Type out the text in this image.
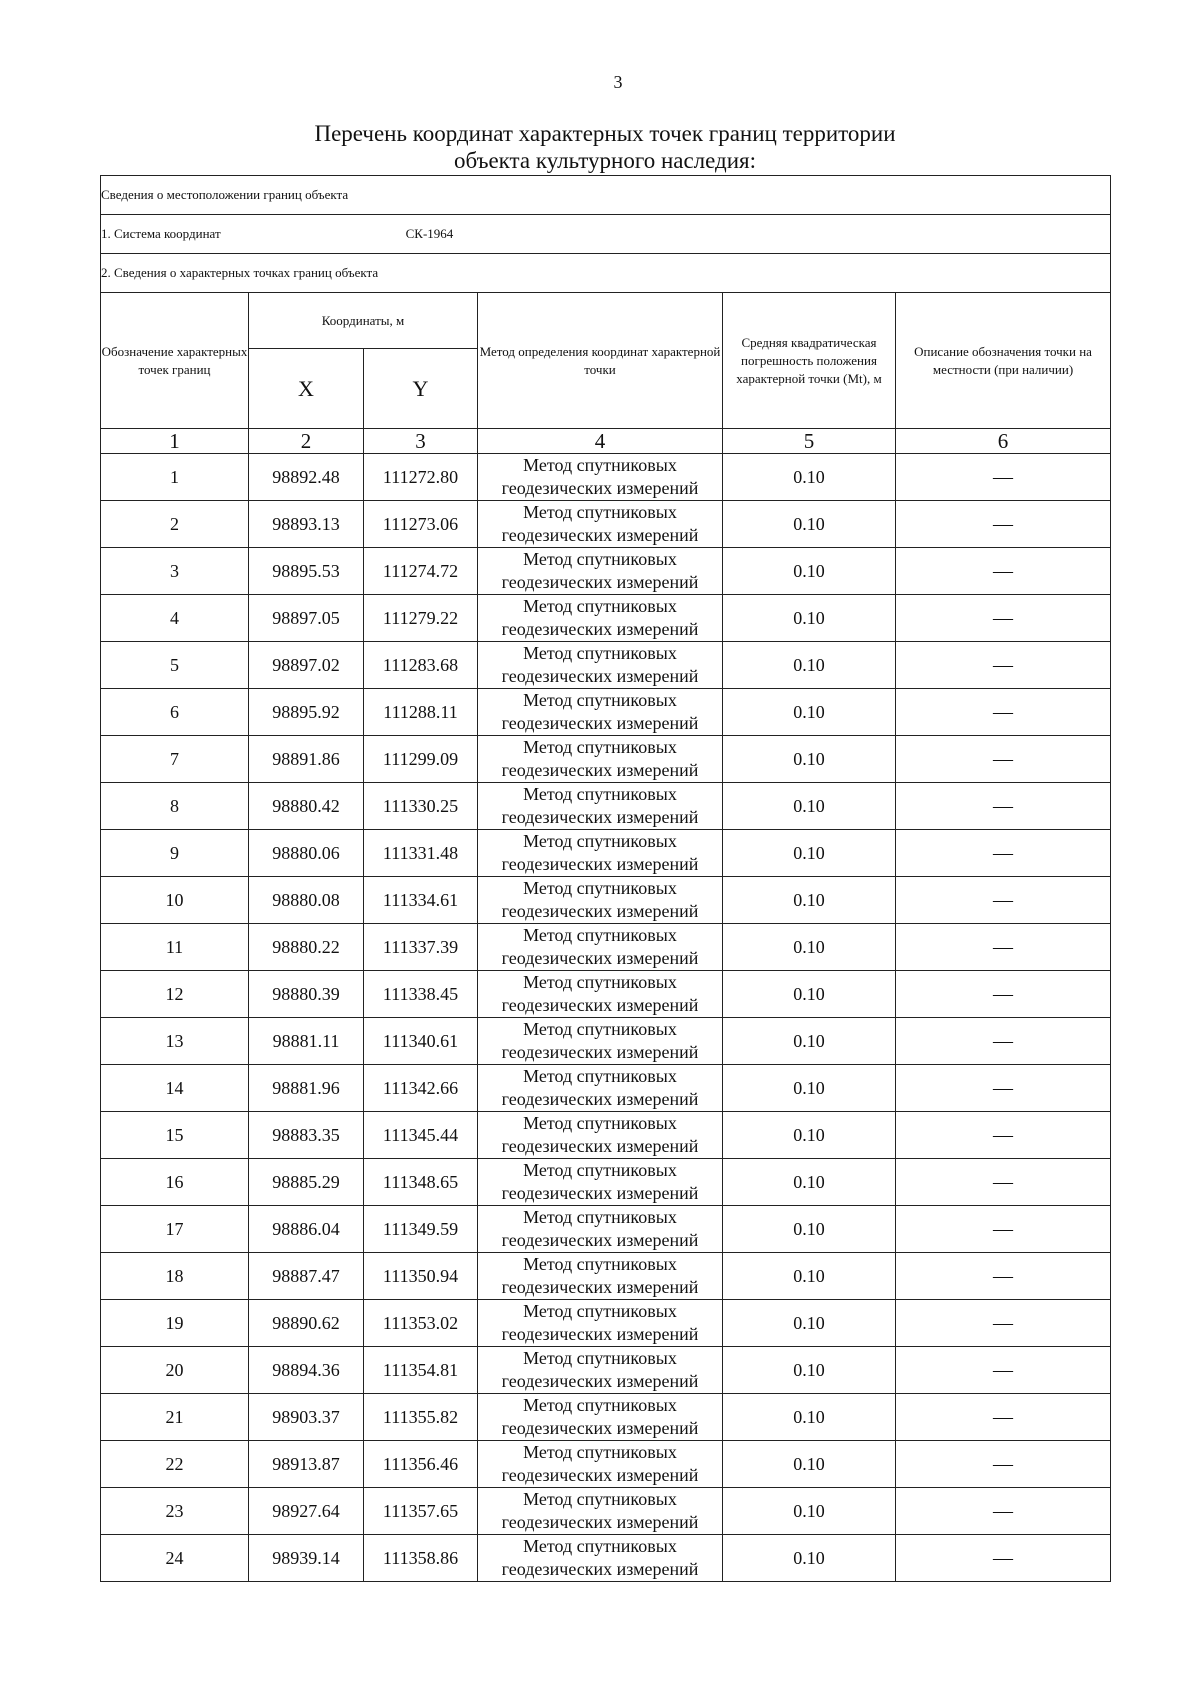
3
Перечень координат характерных точек границ территории
объекта культурного наследия:
Сведения о местоположении границ объекта					
1. Система координат СК-1964					
2. Сведения о характерных точках границ объекта					
Обозначение характерных точек границ	Координаты, м		Метод определения координат характерной точки	Средняя квадратическая погрешность положения характерной точки (Mt), м	Описание обозначения точки на местности (при наличии)
	X	Y			
1	2	3	4	5	6
1	98892.48	111272.80	Метод спутниковых
геодезических измерений	0.10	—
2	98893.13	111273.06	Метод спутниковых
геодезических измерений	0.10	—
3	98895.53	111274.72	Метод спутниковых
геодезических измерений	0.10	—
4	98897.05	111279.22	Метод спутниковых
геодезических измерений	0.10	—
5	98897.02	111283.68	Метод спутниковых
геодезических измерений	0.10	—
6	98895.92	111288.11	Метод спутниковых
геодезических измерений	0.10	—
7	98891.86	111299.09	Метод спутниковых
геодезических измерений	0.10	—
8	98880.42	111330.25	Метод спутниковых
геодезических измерений	0.10	—
9	98880.06	111331.48	Метод спутниковых
геодезических измерений	0.10	—
10	98880.08	111334.61	Метод спутниковых
геодезических измерений	0.10	—
11	98880.22	111337.39	Метод спутниковых
геодезических измерений	0.10	—
12	98880.39	111338.45	Метод спутниковых
геодезических измерений	0.10	—
13	98881.11	111340.61	Метод спутниковых
геодезических измерений	0.10	—
14	98881.96	111342.66	Метод спутниковых
геодезических измерений	0.10	—
15	98883.35	111345.44	Метод спутниковых
геодезических измерений	0.10	—
16	98885.29	111348.65	Метод спутниковых
геодезических измерений	0.10	—
17	98886.04	111349.59	Метод спутниковых
геодезических измерений	0.10	—
18	98887.47	111350.94	Метод спутниковых
геодезических измерений	0.10	—
19	98890.62	111353.02	Метод спутниковых
геодезических измерений	0.10	—
20	98894.36	111354.81	Метод спутниковых
геодезических измерений	0.10	—
21	98903.37	111355.82	Метод спутниковых
геодезических измерений	0.10	—
22	98913.87	111356.46	Метод спутниковых
геодезических измерений	0.10	—
23	98927.64	111357.65	Метод спутниковых
геодезических измерений	0.10	—
24	98939.14	111358.86	Метод спутниковых
геодезических измерений	0.10	—
